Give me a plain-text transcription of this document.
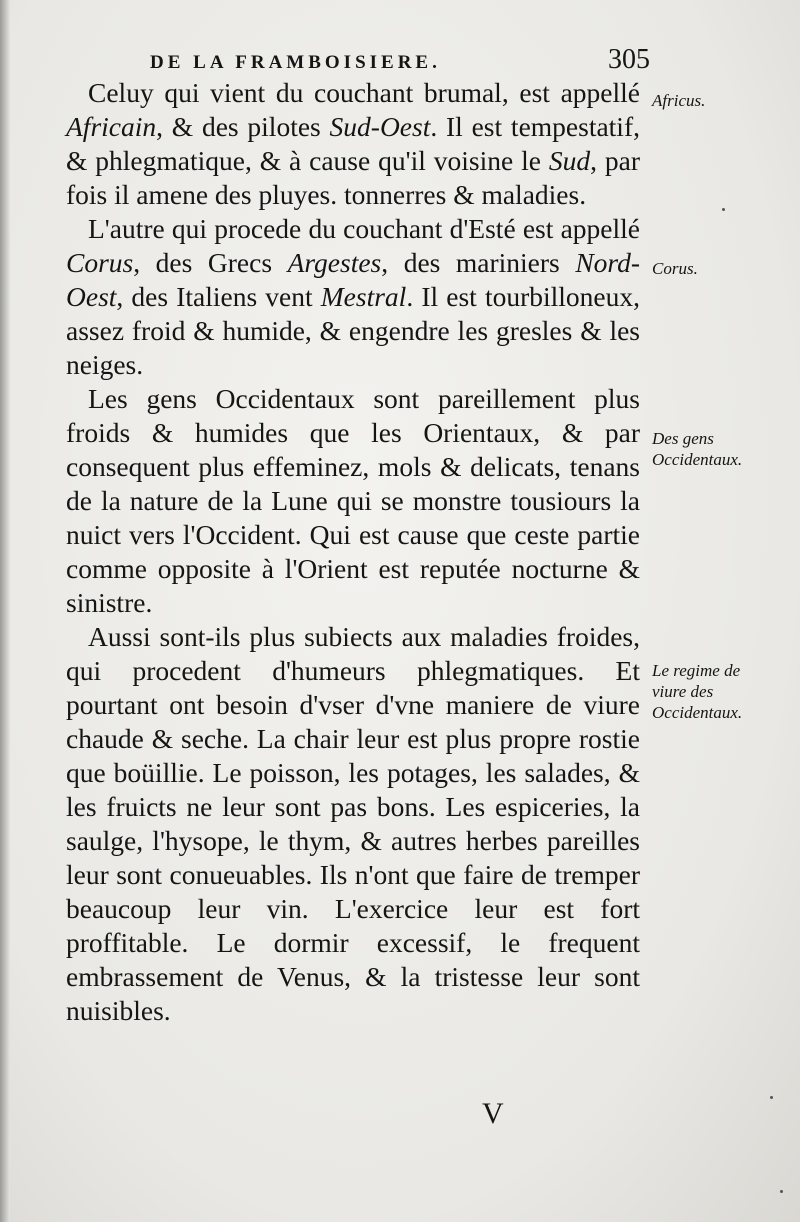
DE LA FRAMBOISIERE.	305

Celuy qui vient du couchant brumal, est appellé Africain, & des pilotes Sud-Oest. Il est tempestatif, & phlegmatique, & à cause qu'il voisine le Sud, par fois il amene des pluyes. tonnerres & maladies.

L'autre qui procede du couchant d'Esté est appellé Corus, des Grecs Argestes, des mariniers Nord-Oest, des Italiens vent Mestral. Il est tourbilloneux, assez froid & humide, & engendre les gresles & les neiges.

Les gens Occidentaux sont pareillement plus froids & humides que les Orientaux, & par consequent plus effeminez, mols & delicats, tenans de la nature de la Lune qui se monstre tousiours la nuict vers l'Occident. Qui est cause que ceste partie comme opposite à l'Orient est reputée nocturne & sinistre.

Aussi sont-ils plus subiects aux maladies froides, qui procedent d'humeurs phlegmatiques. Et pourtant ont besoin d'vser d'vne maniere de viure chaude & seche. La chair leur est plus propre rostie que boüillie. Le poisson, les potages, les salades, & les fruicts ne leur sont pas bons. Les espiceries, la saulge, l'hysope, le thym, & autres herbes pareilles leur sont conueuables. Ils n'ont que faire de tremper beaucoup leur vin. L'exercice leur est fort proffitable. Le dormir excessif, le frequent embrassement de Venus, & la tristesse leur sont nuisibles.

Africus.
Corus.
Des gens Occidentaux.
Le regime de viure des Occidentaux.
V
